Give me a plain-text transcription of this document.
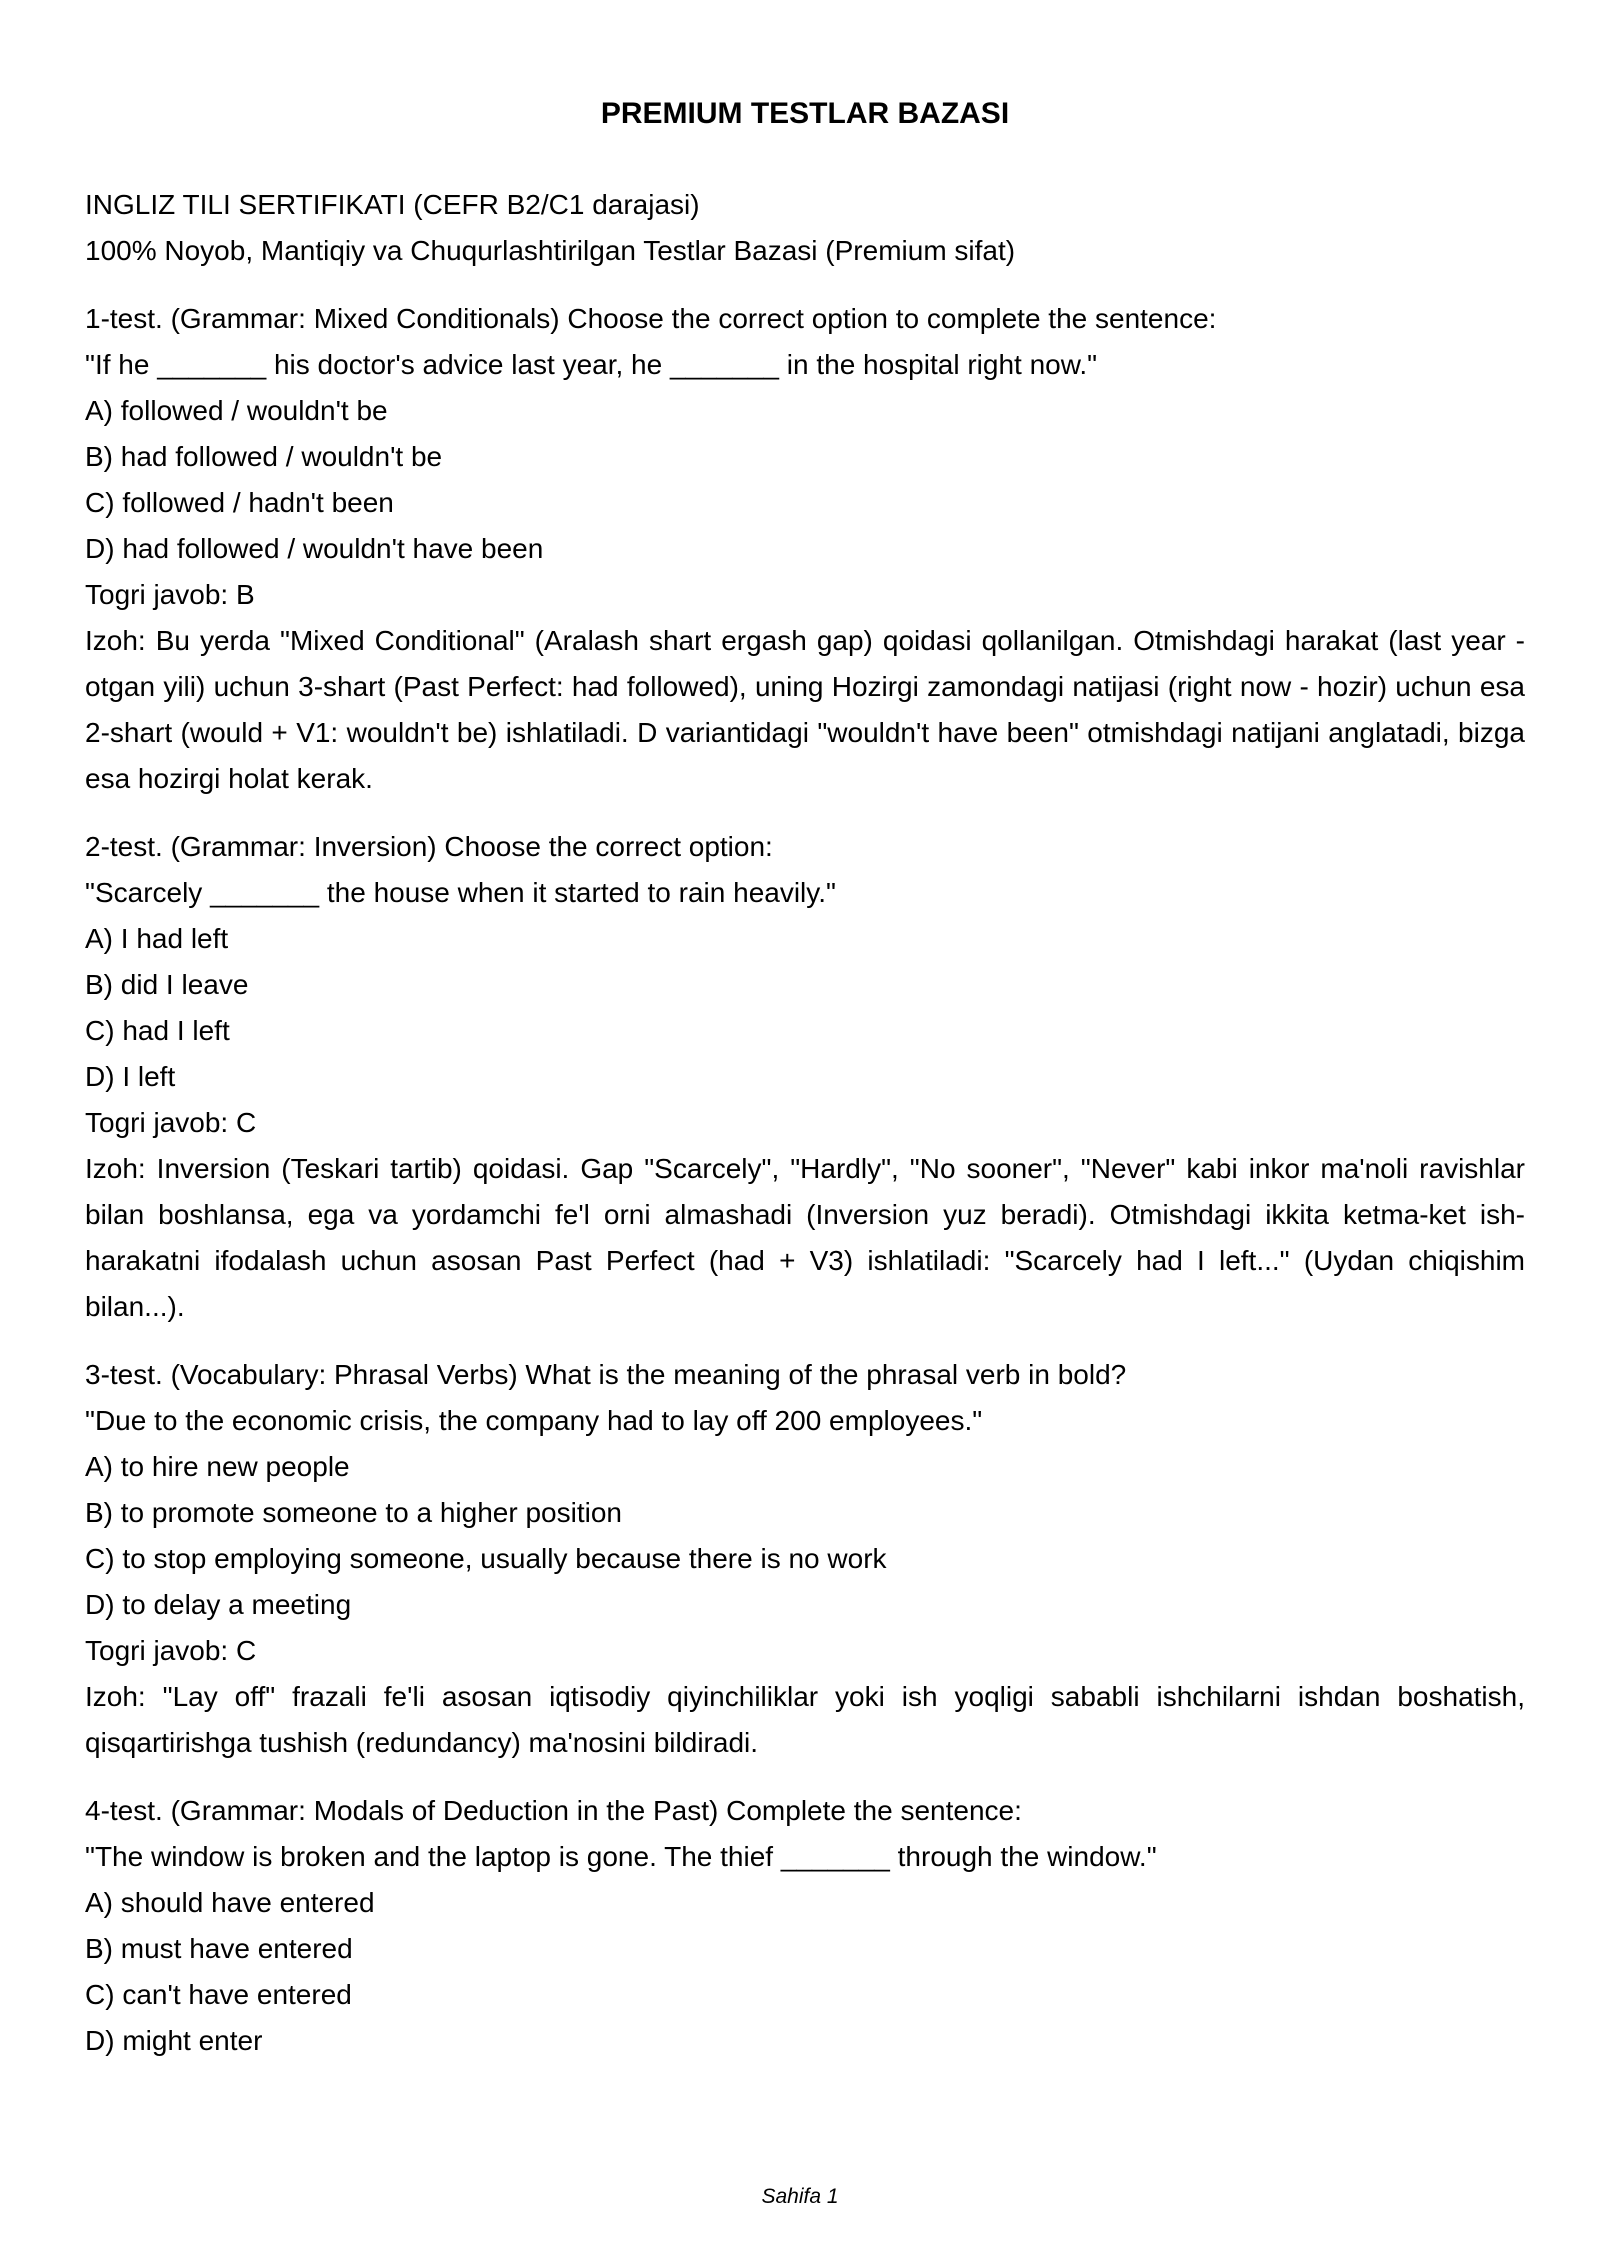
PREMIUM TESTLAR BAZASI
INGLIZ TILI SERTIFIKATI (CEFR B2/C1 darajasi)
100% Noyob, Mantiqiy va Chuqurlashtirilgan Testlar Bazasi (Premium sifat)
1-test. (Grammar: Mixed Conditionals) Choose the correct option to complete the sentence:
"If he _______ his doctor's advice last year, he _______ in the hospital right now."
A) followed / wouldn't be
B) had followed / wouldn't be
C) followed / hadn't been
D) had followed / wouldn't have been
Togri javob: B
Izoh: Bu yerda "Mixed Conditional" (Aralash shart ergash gap) qoidasi qollanilgan. Otmishdagi harakat (last year - otgan yili) uchun 3-shart (Past Perfect: had followed), uning Hozirgi zamondagi natijasi (right now - hozir) uchun esa 2-shart (would + V1: wouldn't be) ishlatiladi. D variantidagi "wouldn't have been" otmishdagi natijani anglatadi, bizga esa hozirgi holat kerak.
2-test. (Grammar: Inversion) Choose the correct option:
"Scarcely _______ the house when it started to rain heavily."
A) I had left
B) did I leave
C) had I left
D) I left
Togri javob: C
Izoh: Inversion (Teskari tartib) qoidasi. Gap "Scarcely", "Hardly", "No sooner", "Never" kabi inkor ma'noli ravishlar bilan boshlansa, ega va yordamchi fe'l orni almashadi (Inversion yuz beradi). Otmishdagi ikkita ketma-ket ish-harakatni ifodalash uchun asosan Past Perfect (had + V3) ishlatiladi: "Scarcely had I left..." (Uydan chiqishim bilan...).
3-test. (Vocabulary: Phrasal Verbs) What is the meaning of the phrasal verb in bold?
"Due to the economic crisis, the company had to lay off 200 employees."
A) to hire new people
B) to promote someone to a higher position
C) to stop employing someone, usually because there is no work
D) to delay a meeting
Togri javob: C
Izoh: "Lay off" frazali fe'li asosan iqtisodiy qiyinchiliklar yoki ish yoqligi sababli ishchilarni ishdan boshatish, qisqartirishga tushish (redundancy) ma'nosini bildiradi.
4-test. (Grammar: Modals of Deduction in the Past) Complete the sentence:
"The window is broken and the laptop is gone. The thief _______ through the window."
A) should have entered
B) must have entered
C) can't have entered
D) might enter
Sahifa 1
